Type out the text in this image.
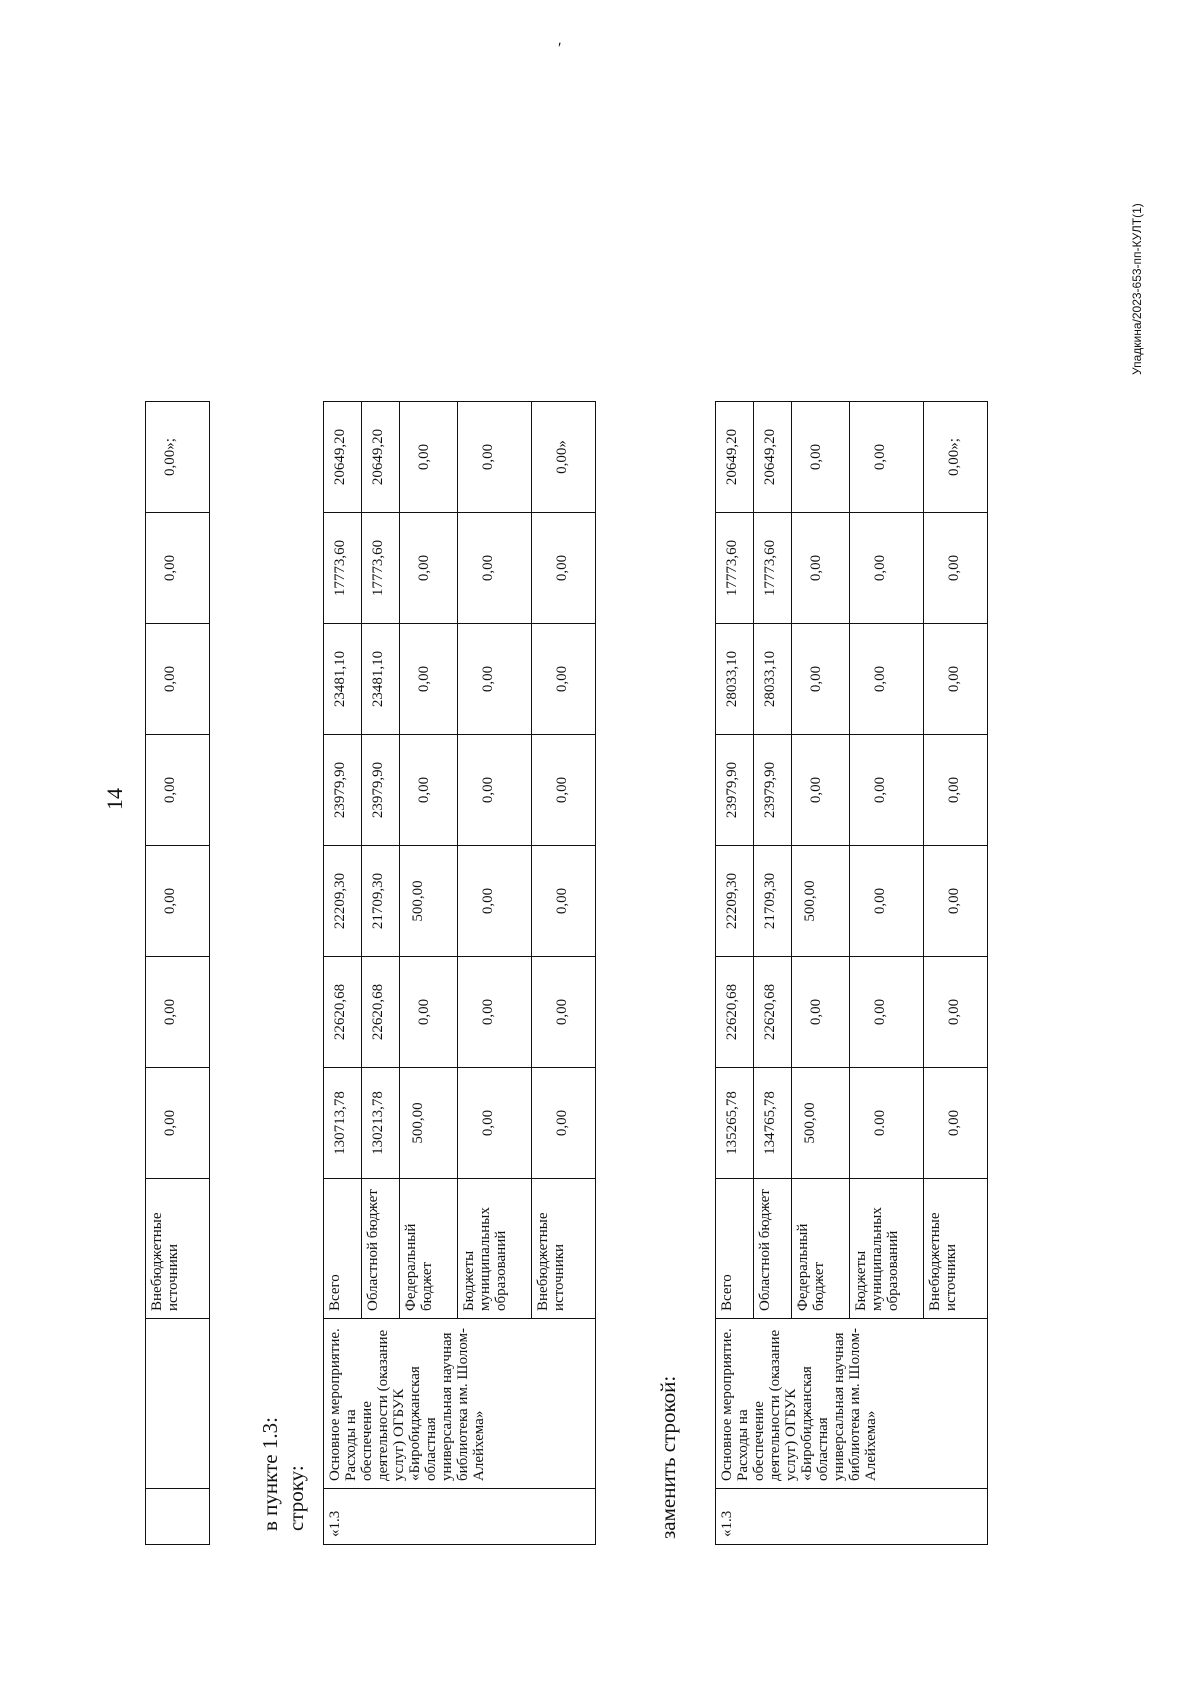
14
ʹ
Упадкина/2023-653-пп-КУЛТ(1)
		Внебюджетные источники	0,00	0,00	0,00	0,00	0,00	0,00	0,00»;
в пункте 1.3: строку: «1.3	Основное мероприятие. Расходы на обеспечение деятельности (оказание услуг) ОГБУК «Биробиджанская областная универсальная научная библиотека им. Шолом-Алейхема»	Всего	130713,78	22620,68	22209,30	23979,90	23481,10	17773,60	20649,20
		Областной бюджет	130213,78	22620,68	21709,30	23979,90	23481,10	17773,60	20649,20
		Федеральный бюджет	500,00	0,00	500,00	0,00	0,00	0,00	0,00
		Бюджеты муниципальных образований	0,00	0,00	0,00	0,00	0,00	0,00	0,00
		Внебюджетные источники	0,00	0,00	0,00	0,00	0,00	0,00	0,00»
заменить строкой:	«1.3	Основное мероприятие. Расходы на обеспечение деятельности (оказание услуг) ОГБУК «Биробиджанская областная универсальная научная библиотека им. Шолом-Алейхема»	Всего	135265,78	22620,68	22209,30	23979,90	28033,10	17773,60	20649,20
		Областной бюджет	134765,78	22620,68	21709,30	23979,90	28033,10	17773,60	20649,20
		Федеральный бюджет	500,00	0,00	500,00	0,00	0,00	0,00	0,00
		Бюджеты муниципальных образований	0.00	0,00	0,00	0,00	0,00	0,00	0,00
		Внебюджетные источники	0,00	0,00	0,00	0,00	0,00	0,00	0,00»;
